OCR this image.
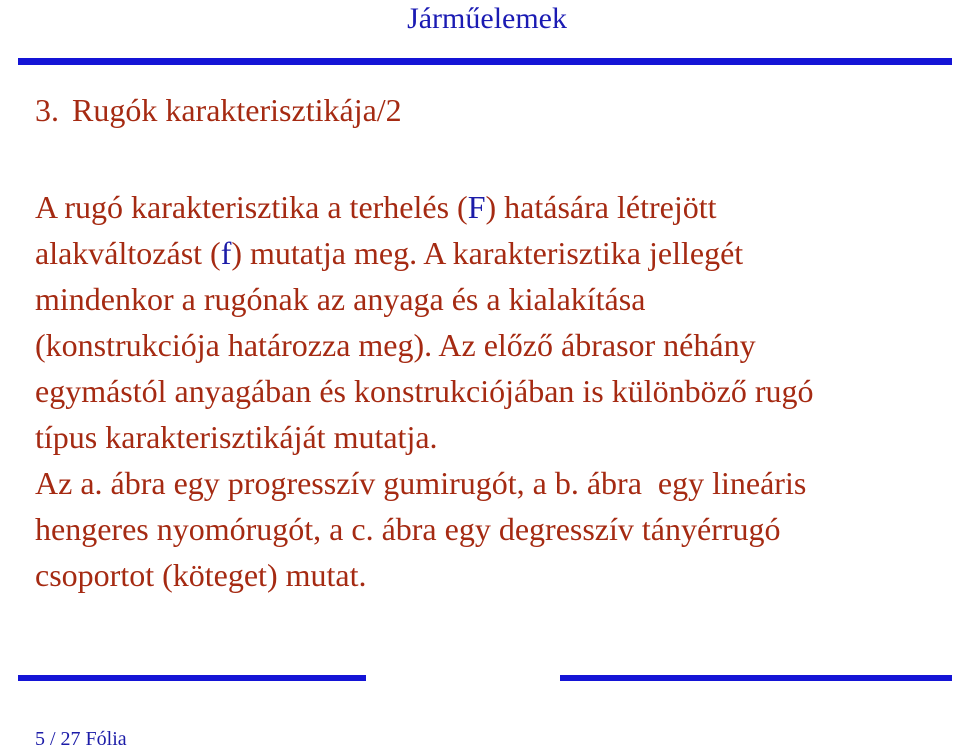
Járműelemek
3. Rugók karakterisztikája/2
A rugó karakterisztika a terhelés (F) hatására létrejött
alakváltozást (f) mutatja meg. A karakterisztika jellegét
mindenkor a rugónak az anyaga és a kialakítása
(konstrukciója határozza meg). Az előző ábrasor néhány
egymástól anyagában és konstrukciójában is különböző rugó
típus karakterisztikáját mutatja.
Az a. ábra egy progresszív gumirugót, a b. ábra  egy lineáris
hengeres nyomórugót, a c. ábra egy degresszív tányérrugó
csoportot (köteget) mutat.
5 / 27 Fólia
